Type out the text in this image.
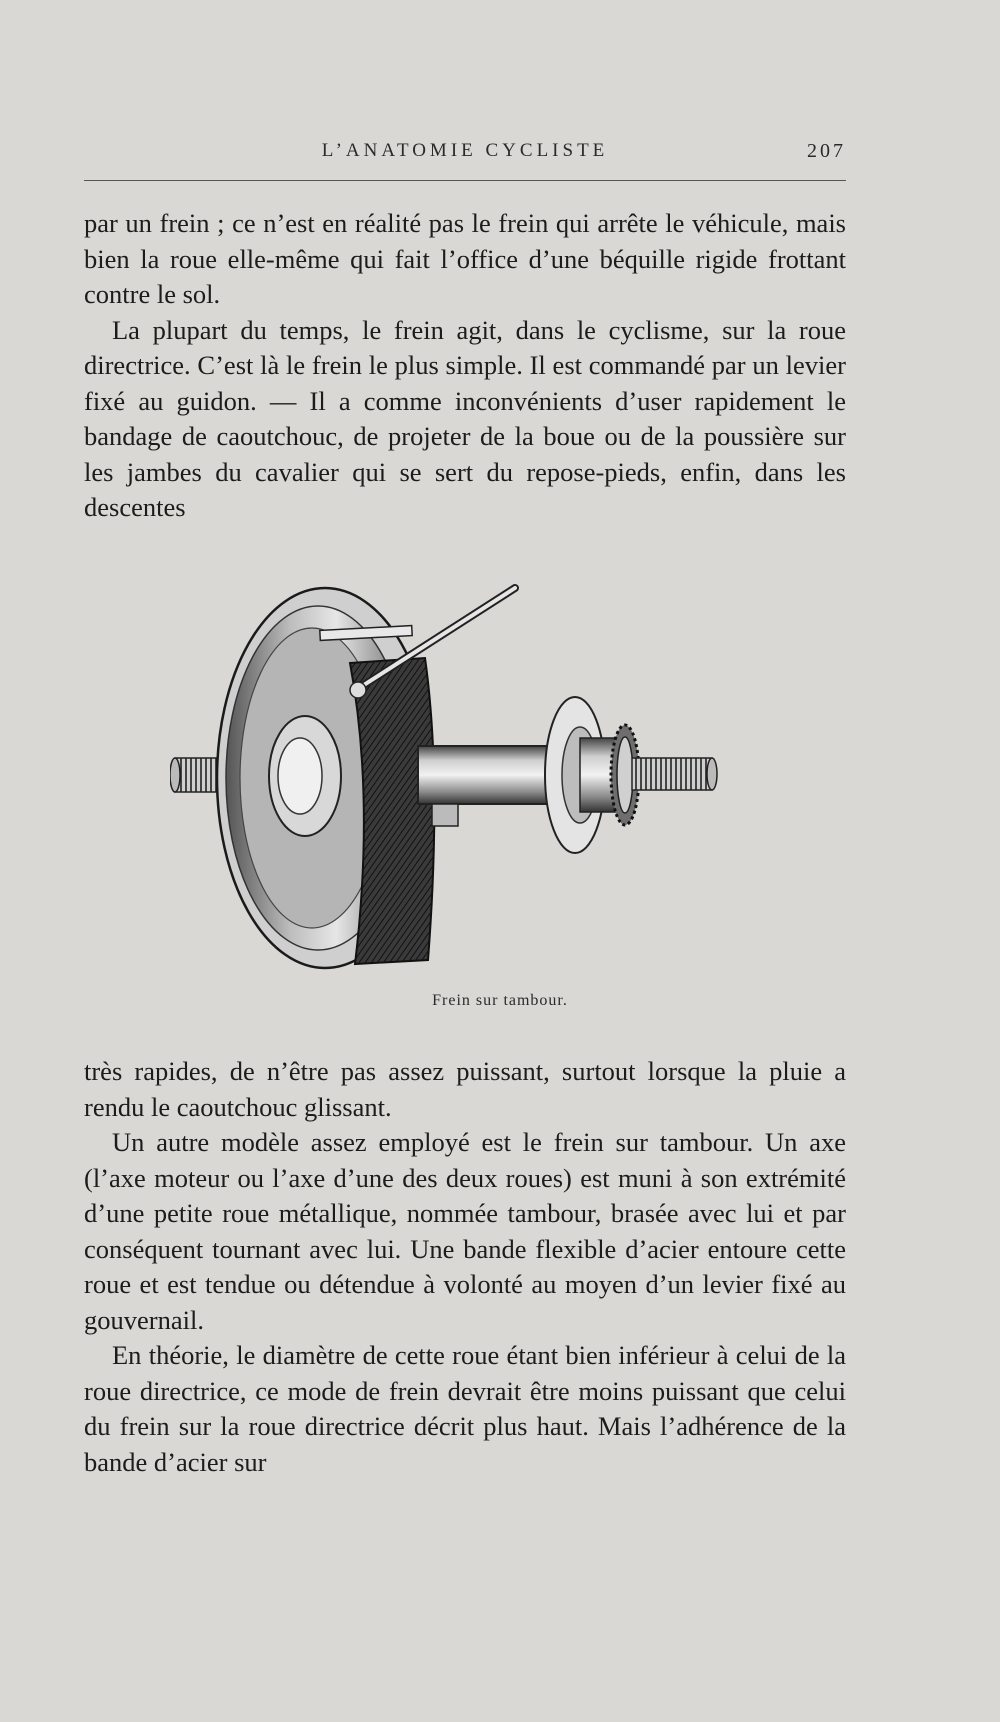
L’ANATOMIE CYCLISTE	207

par un frein ; ce n’est en réalité pas le frein qui arrête le véhicule, mais bien la roue elle-même qui fait l’office d’une béquille rigide frottant contre le sol.

La plupart du temps, le frein agit, dans le cyclisme, sur la roue directrice. C’est là le frein le plus simple. Il est commandé par un levier fixé au guidon. — Il a comme inconvénients d’user rapidement le bandage de caoutchouc, de projeter de la boue ou de la poussière sur les jambes du cavalier qui se sert du repose-pieds, enfin, dans les descentes

Frein sur tambour.

très rapides, de n’être pas assez puissant, surtout lorsque la pluie a rendu le caoutchouc glissant.

Un autre modèle assez employé est le frein sur tambour. Un axe (l’axe moteur ou l’axe d’une des deux roues) est muni à son extrémité d’une petite roue métallique, nommée tambour, brasée avec lui et par conséquent tournant avec lui. Une bande flexible d’acier entoure cette roue et est tendue ou détendue à volonté au moyen d’un levier fixé au gouvernail.

En théorie, le diamètre de cette roue étant bien inférieur à celui de la roue directrice, ce mode de frein devrait être moins puissant que celui du frein sur la roue directrice décrit plus haut. Mais l’adhérence de la bande d’acier sur
